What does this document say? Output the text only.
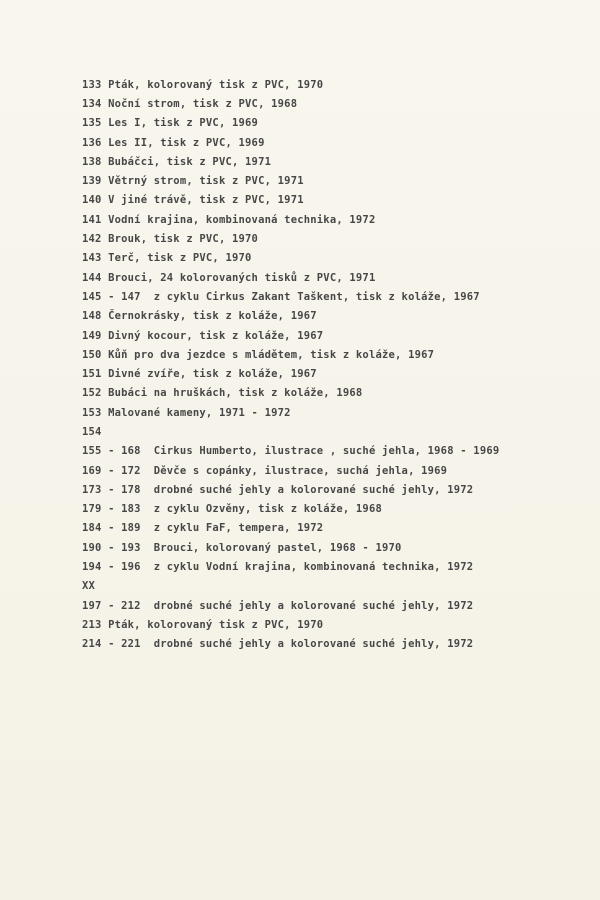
133 Pták, kolorovaný tisk z PVC, 1970
134 Noční strom, tisk z PVC, 1968
135 Les I, tisk z PVC, 1969
136 Les II, tisk z PVC, 1969
138 Bubáčci, tisk z PVC, 1971
139 Větrný strom, tisk z PVC, 1971
140 V jiné trávě, tisk z PVC, 1971
141 Vodní krajina, kombinovaná technika, 1972
142 Brouk, tisk z PVC, 1970
143 Terč, tisk z PVC, 1970
144 Brouci, 24 kolorovaných tisků z PVC, 1971
145 - 147  z cyklu Cirkus Zakant Taškent, tisk z koláže, 1967
148 Černokrásky, tisk z koláže, 1967
149 Divný kocour, tisk z koláže, 1967
150 Kůň pro dva jezdce s mládětem, tisk z koláže, 1967
151 Divné zvíře, tisk z koláže, 1967
152 Bubáci na hruškách, tisk z koláže, 1968
153 Malované kameny, 1971 - 1972
154
155 - 168  Cirkus Humberto, ilustrace , suché jehla, 1968 - 1969
169 - 172  Děvče s copánky, ilustrace, suchá jehla, 1969
173 - 178  drobné suché jehly a kolorované suché jehly, 1972
179 - 183  z cyklu Ozvěny, tisk z koláže, 1968
184 - 189  z cyklu FaF, tempera, 1972
190 - 193  Brouci, kolorovaný pastel, 1968 - 1970
194 - 196  z cyklu Vodní krajina, kombinovaná technika, 1972
XX
197 - 212  drobné suché jehly a kolorované suché jehly, 1972
213 Pták, kolorovaný tisk z PVC, 1970
214 - 221  drobné suché jehly a kolorované suché jehly, 1972
